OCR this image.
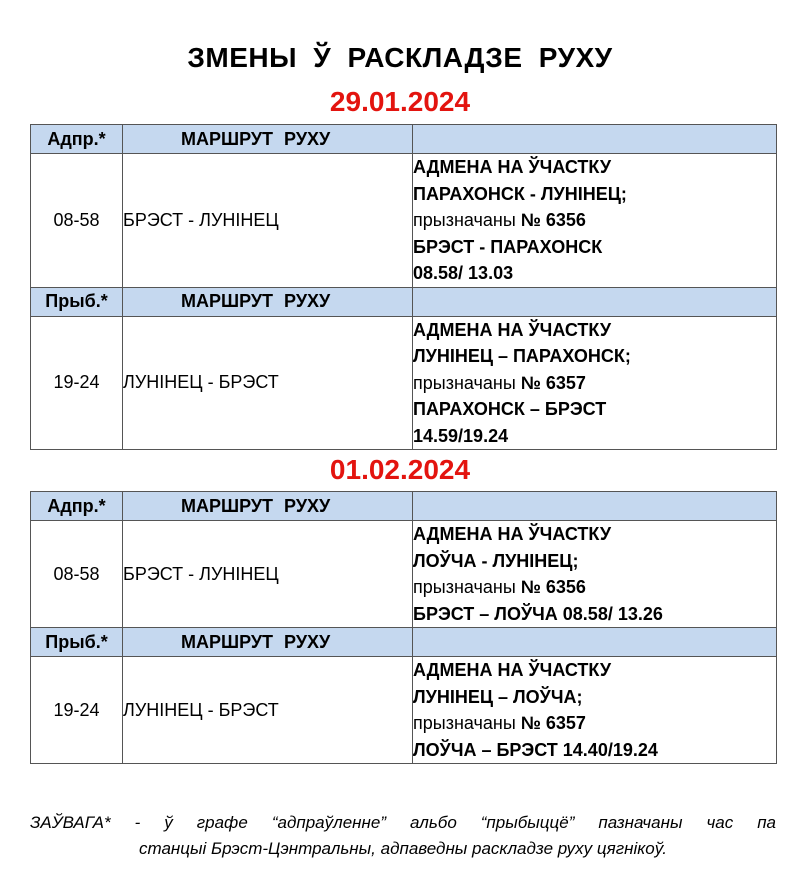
ЗМЕНЫ Ў РАСКЛАДЗЕ РУХУ
29.01.2024
Адпр.*	МАРШРУТ РУХУ	
08-58	БРЭСТ - ЛУНІНЕЦ	АДМЕНА НА ЎЧАСТКУ
ПАРАХОНСК - ЛУНІНЕЦ;
прызначаны № 6356
БРЭСТ - ПАРАХОНСК
08.58/ 13.03

Прыб.*	МАРШРУТ РУХУ	
19-24	ЛУНІНЕЦ - БРЭСТ	АДМЕНА НА ЎЧАСТКУ
ЛУНІНЕЦ – ПАРАХОНСК;
прызначаны № 6357
ПАРАХОНСК – БРЭСТ
14.59/19.24
01.02.2024
Адпр.*	МАРШРУТ РУХУ	
08-58	БРЭСТ - ЛУНІНЕЦ	АДМЕНА НА ЎЧАСТКУ
ЛОЎЧА - ЛУНІНЕЦ;
прызначаны № 6356
БРЭСТ – ЛОЎЧА 08.58/ 13.26

Прыб.*	МАРШРУТ РУХУ	
19-24	ЛУНІНЕЦ - БРЭСТ	АДМЕНА НА ЎЧАСТКУ
ЛУНІНЕЦ – ЛОЎЧА;
прызначаны № 6357
ЛОЎЧА – БРЭСТ 14.40/19.24
ЗАЎВАГА* - ў графе “адпраўленне” альбо “прыбыццё” пазначаны час па
станцыі Брэст-Цэнтральны, адпаведны раскладзе руху цягнікоў.
